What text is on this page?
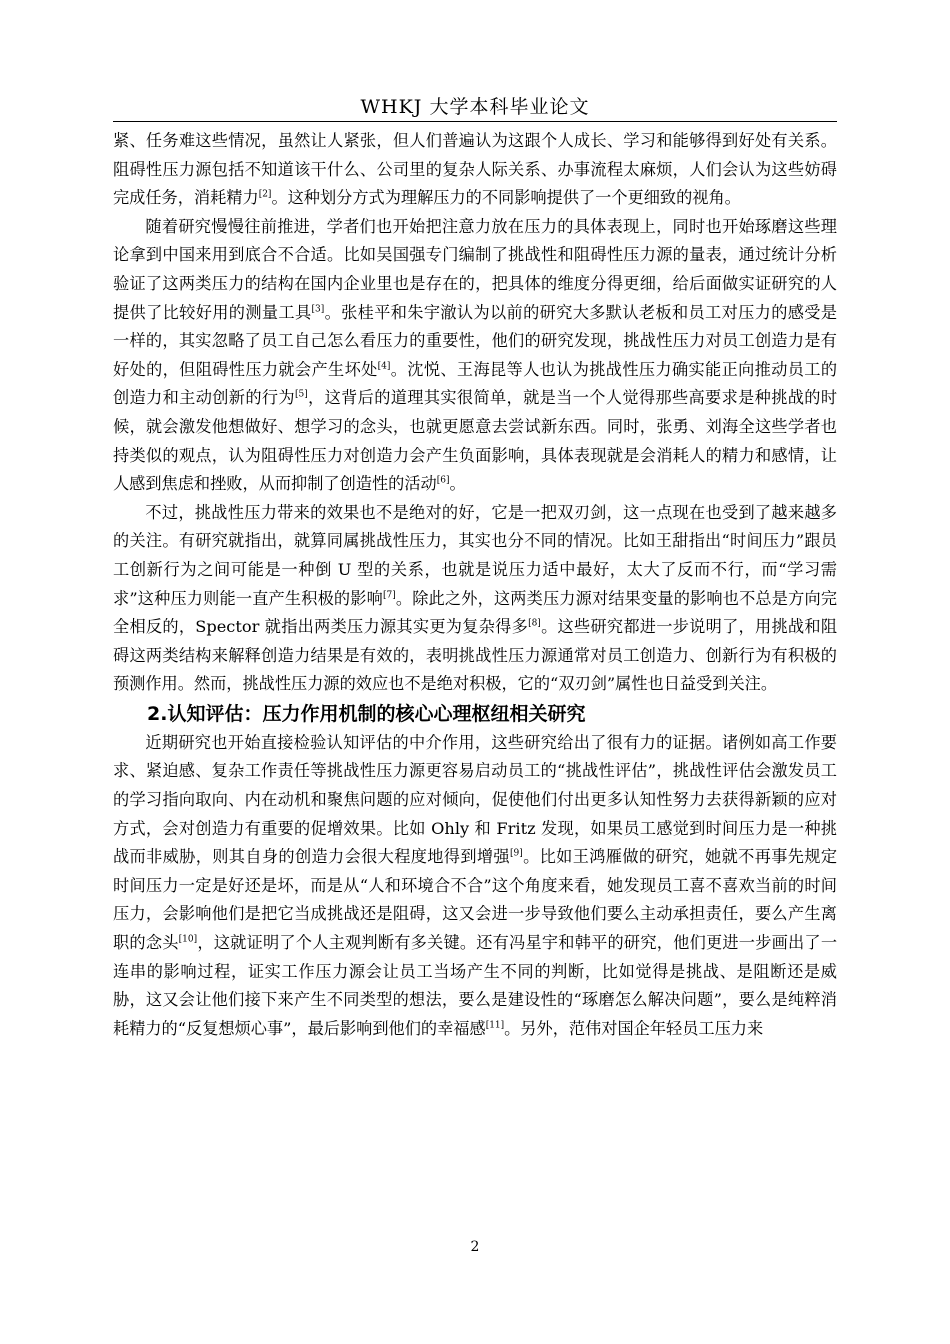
WHKJ 大学本科毕业论文

紧、任务难这些情况，虽然让人紧张，但人们普遍认为这跟个人成长、学习和能够得到好处有关系。阻碍性压力源包括不知道该干什么、公司里的复杂人际关系、办事流程太麻烦，人们会认为这些妨碍完成任务，消耗精力[2]。这种划分方式为理解压力的不同影响提供了一个更细致的视角。

随着研究慢慢往前推进，学者们也开始把注意力放在压力的具体表现上，同时也开始琢磨这些理论拿到中国来用到底合不合适。比如吴国强专门编制了挑战性和阻碍性压力源的量表，通过统计分析验证了这两类压力的结构在国内企业里也是存在的，把具体的维度分得更细，给后面做实证研究的人提供了比较好用的测量工具[3]。张桂平和朱宇澈认为以前的研究大多默认老板和员工对压力的感受是一样的，其实忽略了员工自己怎么看压力的重要性，他们的研究发现，挑战性压力对员工创造力是有好处的，但阻碍性压力就会产生坏处[4]。沈悦、王海昆等人也认为挑战性压力确实能正向推动员工的创造力和主动创新的行为[5]，这背后的道理其实很简单，就是当一个人觉得那些高要求是种挑战的时候，就会激发他想做好、想学习的念头，也就更愿意去尝试新东西。同时，张勇、刘海全这些学者也持类似的观点，认为阻碍性压力对创造力会产生负面影响，具体表现就是会消耗人的精力和感情，让人感到焦虑和挫败，从而抑制了创造性的活动[6]。

不过，挑战性压力带来的效果也不是绝对的好，它是一把双刃剑，这一点现在也受到了越来越多的关注。有研究就指出，就算同属挑战性压力，其实也分不同的情况。比如王甜指出“时间压力”跟员工创新行为之间可能是一种倒 U 型的关系，也就是说压力适中最好，太大了反而不行，而“学习需求”这种压力则能一直产生积极的影响[7]。除此之外，这两类压力源对结果变量的影响也不总是方向完全相反的，Spector 就指出两类压力源其实更为复杂得多[8]。这些研究都进一步说明了，用挑战和阻碍这两类结构来解释创造力结果是有效的，表明挑战性压力源通常对员工创造力、创新行为有积极的预测作用。然而，挑战性压力源的效应也不是绝对积极，它的“双刃剑”属性也日益受到关注。

2.认知评估：压力作用机制的核心心理枢纽相关研究

近期研究也开始直接检验认知评估的中介作用，这些研究给出了很有力的证据。诸例如高工作要求、紧迫感、复杂工作责任等挑战性压力源更容易启动员工的“挑战性评估”，挑战性评估会激发员工的学习指向取向、内在动机和聚焦问题的应对倾向，促使他们付出更多认知性努力去获得新颖的应对方式，会对创造力有重要的促增效果。比如 Ohly 和 Fritz 发现，如果员工感觉到时间压力是一种挑战而非威胁，则其自身的创造力会很大程度地得到增强[9]。比如王鸿雁做的研究，她就不再事先规定时间压力一定是好还是坏，而是从“人和环境合不合”这个角度来看，她发现员工喜不喜欢当前的时间压力，会影响他们是把它当成挑战还是阻碍，这又会进一步导致他们要么主动承担责任，要么产生离职的念头[10]，这就证明了个人主观判断有多关键。还有冯星宇和韩平的研究，他们更进一步画出了一连串的影响过程，证实工作压力源会让员工当场产生不同的判断，比如觉得是挑战、是阻断还是威胁，这又会让他们接下来产生不同类型的想法，要么是建设性的“琢磨怎么解决问题”，要么是纯粹消耗精力的“反复想烦心事”，最后影响到他们的幸福感[11]。另外，范伟对国企年轻员工压力来

2
